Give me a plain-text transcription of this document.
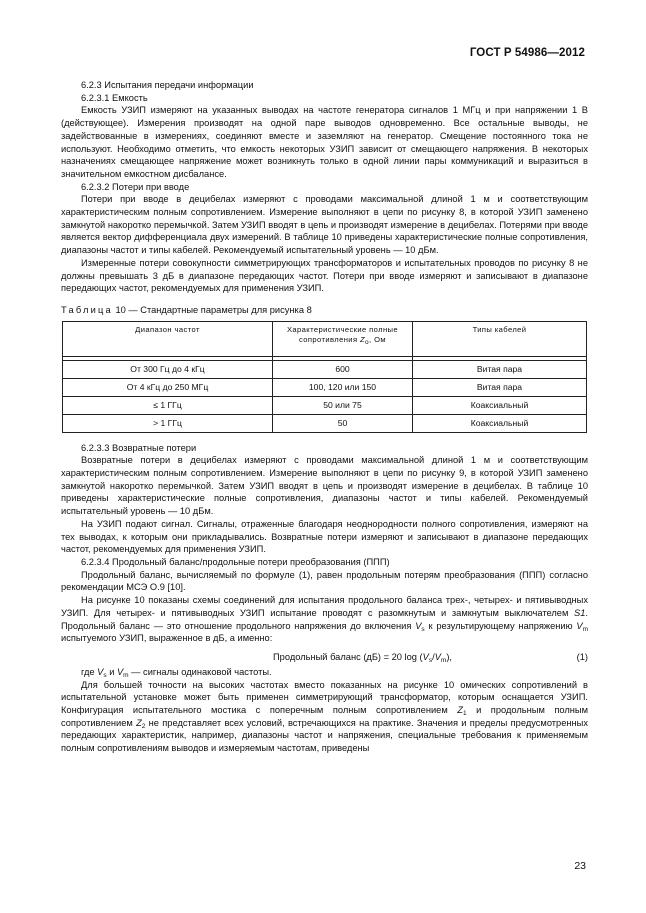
ГОСТ Р 54986—2012

6.2.3 Испытания передачи информации

6.2.3.1 Емкость

Емкость УЗИП измеряют на указанных выводах на частоте генератора сигналов 1 МГц и при напряжении 1 В (действующее). Измерения производят на одной паре выводов одновременно. Все остальные выводы, не задействованные в измерениях, соединяют вместе и заземляют на генератор. Смещение постоянного тока не используют. Необходимо отметить, что емкость некоторых УЗИП зависит от смещающего напряжения. В некоторых назначениях смещающее напряжение может возникнуть только в одной линии пары коммуникаций и выразиться в значительном емкостном дисбалансе.

6.2.3.2 Потери при вводе

Потери при вводе в децибелах измеряют с проводами максимальной длиной 1 м и соответствующим характеристическим полным сопротивлением. Измерение выполняют в цепи по рисунку 8, в которой УЗИП заменено замкнутой накоротко перемычкой. Затем УЗИП вводят в цепь и производят измерение в децибелах. Потерями при вводе является вектор дифференциала двух измерений. В таблице 10 приведены характеристические полные сопротивления, диапазоны частот и типы кабелей. Рекомендуемый испытательный уровень — 10 дБм.

Измеренные потери совокупности симметрирующих трансформаторов и испытательных проводов по рисунку 8 не должны превышать 3 дБ в диапазоне передающих частот. Потери при вводе измеряют и записывают в диапазоне передающих частот, рекомендуемых для применения УЗИП.

Таблица 10 — Стандартные параметры для рисунка 8

Диапазон частот	Характеристические полные
сопротивления $Z_o$, Ом	Типы кабелей

От 300 Гц до 4 кГц	600	Витая пара
От 4 кГц до 250 МГц	100, 120 или 150	Витая пара
≤ 1 ГГц	50 или 75	Коаксиальный
> 1 ГГц	50	Коаксиальный

6.2.3.3 Возвратные потери

Возвратные потери в децибелах измеряют с проводами максимальной длиной 1 м и соответствующим характеристическим полным сопротивлением. Измерение выполняют в цепи по рисунку 9, в которой УЗИП заменено замкнутой накоротко перемычкой. Затем УЗИП вводят в цепь и производят измерение в децибелах. В таблице 10 приведены характеристические полные сопротивления, диапазоны частот и типы кабелей. Рекомендуемый испытательный уровень — 10 дБм.

На УЗИП подают сигнал. Сигналы, отраженные благодаря неоднородности полного сопротивления, измеряют на тех выводах, к которым они прикладывались. Возвратные потери измеряют и записывают в диапазоне передающих частот, рекомендуемых для применения УЗИП.

6.2.3.4 Продольный баланс/продольные потери преобразования (ППП)

Продольный баланс, вычисляемый по формуле (1), равен продольным потерям преобразования (ППП) согласно рекомендации МСЭ О.9 [10].

На рисунке 10 показаны схемы соединений для испытания продольного баланса трех-, четырех- и пятивыводных УЗИП. Для четырех- и пятивыводных УЗИП испытание проводят с разомкнутым и замкнутым выключателем S1. Продольный баланс — это отношение продольного напряжения до включения $V_s$ к результирующему напряжению $V_m$ испытуемого УЗИП, выраженное в дБ, а именно:

Продольный баланс (дБ) = 20 $\log (V_s/V_m)$,	(1)

где $V_s$ и $V_m$ — сигналы одинаковой частоты.

Для большей точности на высоких частотах вместо показанных на рисунке 10 омических сопротивлений в испытательной установке может быть применен симметрирующий трансформатор, которым оснащается УЗИП. Конфигурация испытательного мостика с поперечным полным сопротивлением $Z_1$ и продольным полным сопротивлением $Z_2$ не представляет всех условий, встречающихся на практике. Значения и пределы предусмотренных передающих характеристик, например, диапазоны частот и напряжения, специальные требования к применяемым полным сопротивлениям выводов и измеряемым частотам, приведены

23
